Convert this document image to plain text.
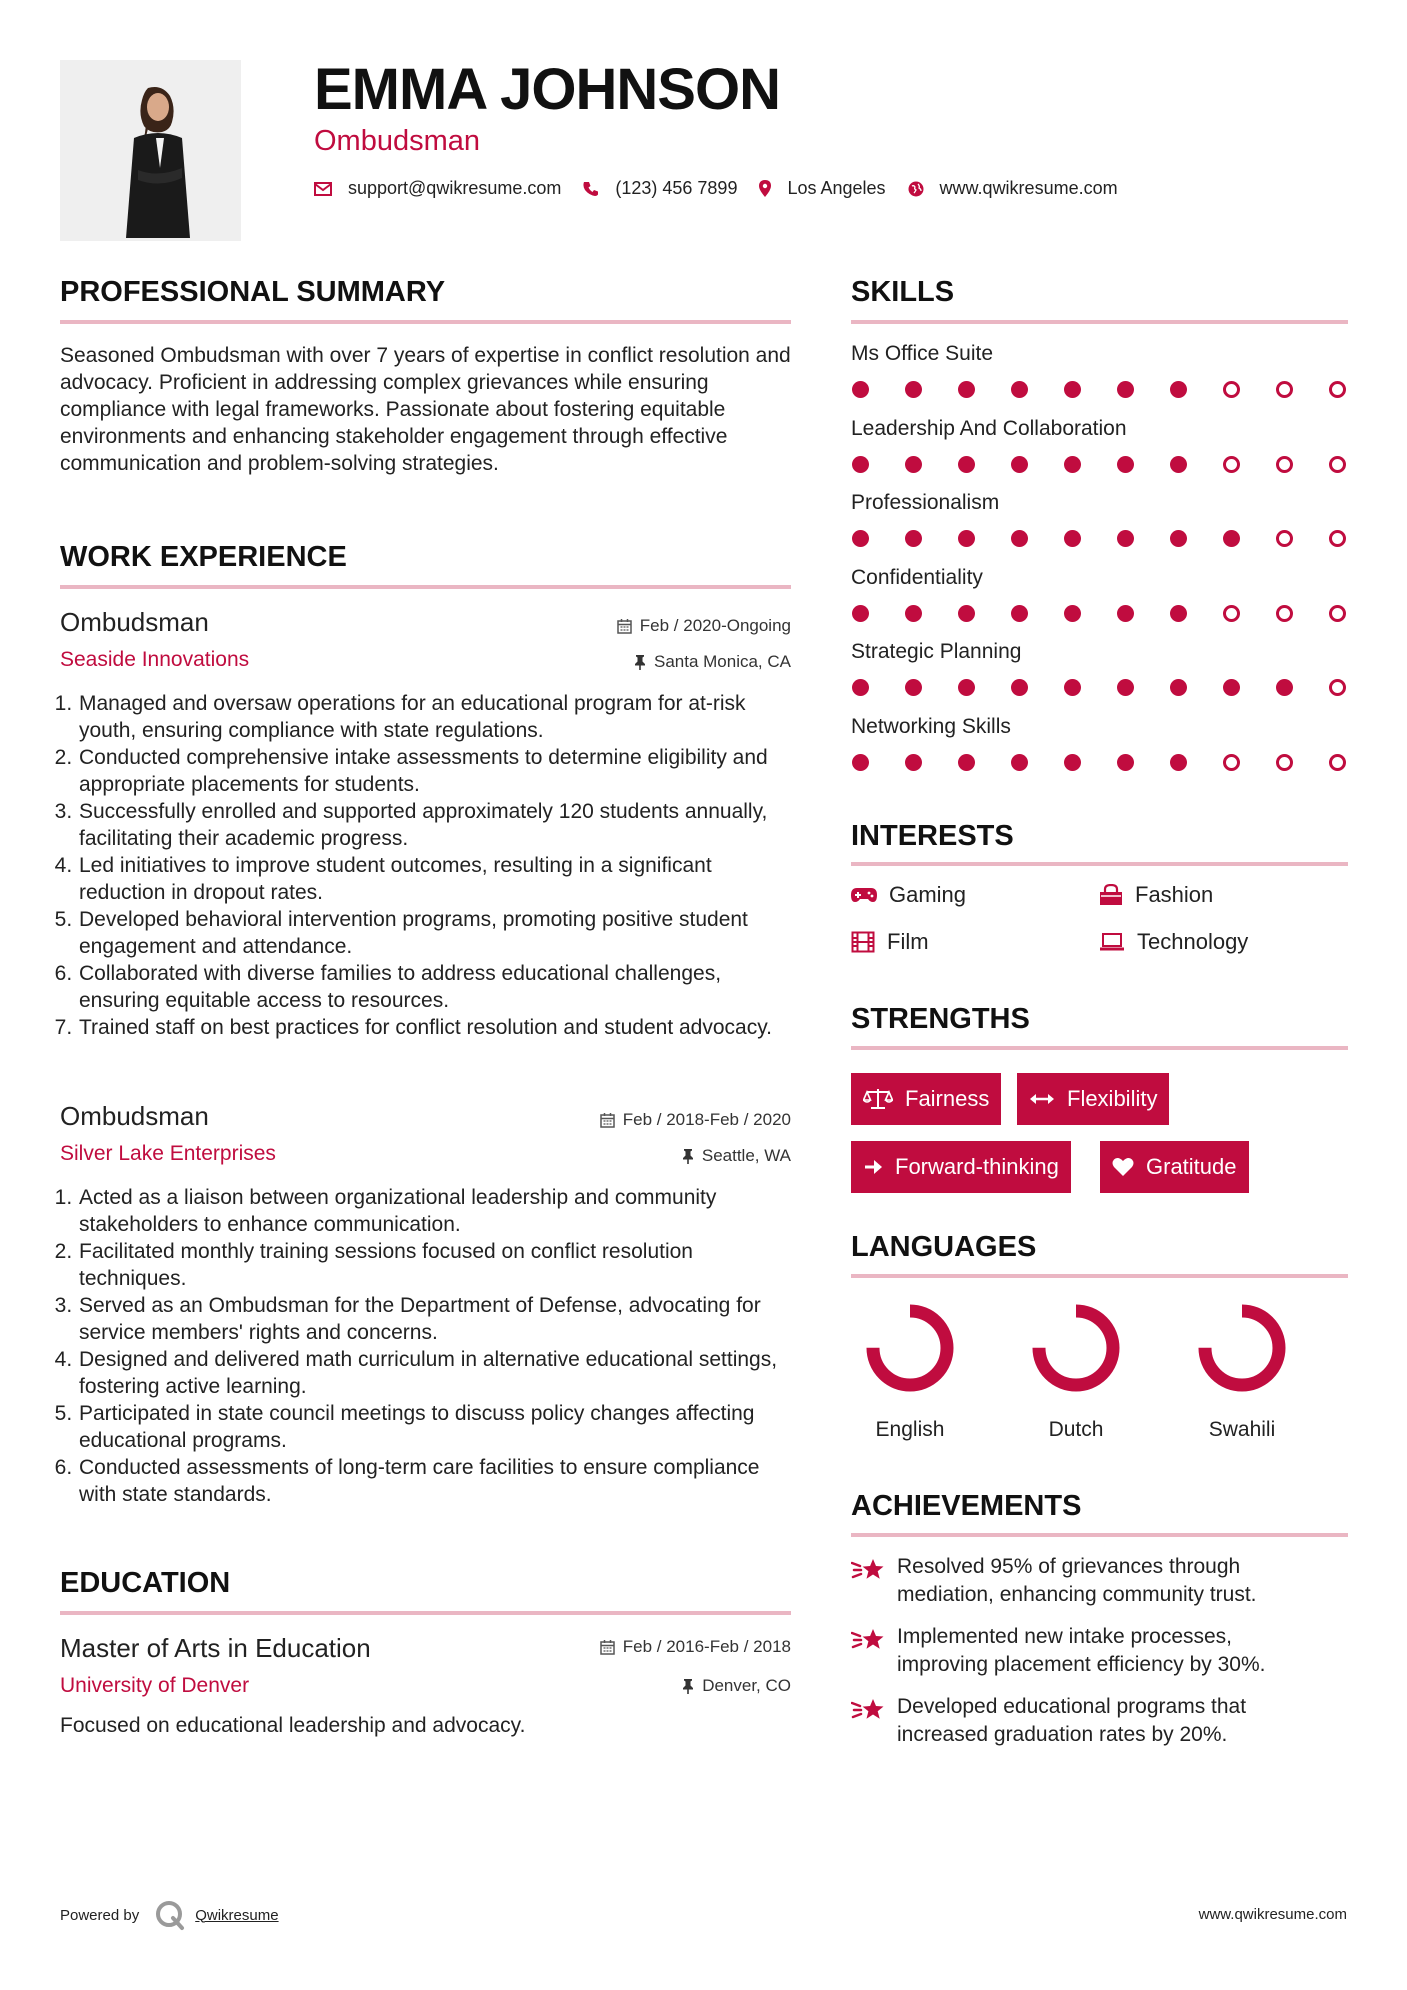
EMMA JOHNSON
Ombudsman
support@qwikresume.com	(123) 456 7899	Los Angeles	www.qwikresume.com
PROFESSIONAL SUMMARY
Seasoned Ombudsman with over 7 years of expertise in conflict resolution and advocacy. Proficient in addressing complex grievances while ensuring compliance with legal frameworks. Passionate about fostering equitable environments and enhancing stakeholder engagement through effective communication and problem-solving strategies.
WORK EXPERIENCE
Ombudsman	Feb / 2020-Ongoing
Seaside Innovations	Santa Monica, CA
1. Managed and oversaw operations for an educational program for at-risk youth, ensuring compliance with state regulations.
2. Conducted comprehensive intake assessments to determine eligibility and appropriate placements for students.
3. Successfully enrolled and supported approximately 120 students annually, facilitating their academic progress.
4. Led initiatives to improve student outcomes, resulting in a significant reduction in dropout rates.
5. Developed behavioral intervention programs, promoting positive student engagement and attendance.
6. Collaborated with diverse families to address educational challenges, ensuring equitable access to resources.
7. Trained staff on best practices for conflict resolution and student advocacy.
Ombudsman	Feb / 2018-Feb / 2020
Silver Lake Enterprises	Seattle, WA
1. Acted as a liaison between organizational leadership and community stakeholders to enhance communication.
2. Facilitated monthly training sessions focused on conflict resolution techniques.
3. Served as an Ombudsman for the Department of Defense, advocating for service members' rights and concerns.
4. Designed and delivered math curriculum in alternative educational settings, fostering active learning.
5. Participated in state council meetings to discuss policy changes affecting educational programs.
6. Conducted assessments of long-term care facilities to ensure compliance with state standards.
EDUCATION
Master of Arts in Education	Feb / 2016-Feb / 2018
University of Denver	Denver, CO
Focused on educational leadership and advocacy.
SKILLS
Ms Office Suite
Leadership And Collaboration
Professionalism
Confidentiality
Strategic Planning
Networking Skills
INTERESTS
Gaming	Fashion
Film	Technology
STRENGTHS
Fairness	Flexibility
Forward-thinking	Gratitude
LANGUAGES
English	Dutch	Swahili
ACHIEVEMENTS
Resolved 95% of grievances through mediation, enhancing community trust.
Implemented new intake processes, improving placement efficiency by 30%.
Developed educational programs that increased graduation rates by 20%.
Powered by	Qwikresume	www.qwikresume.com
